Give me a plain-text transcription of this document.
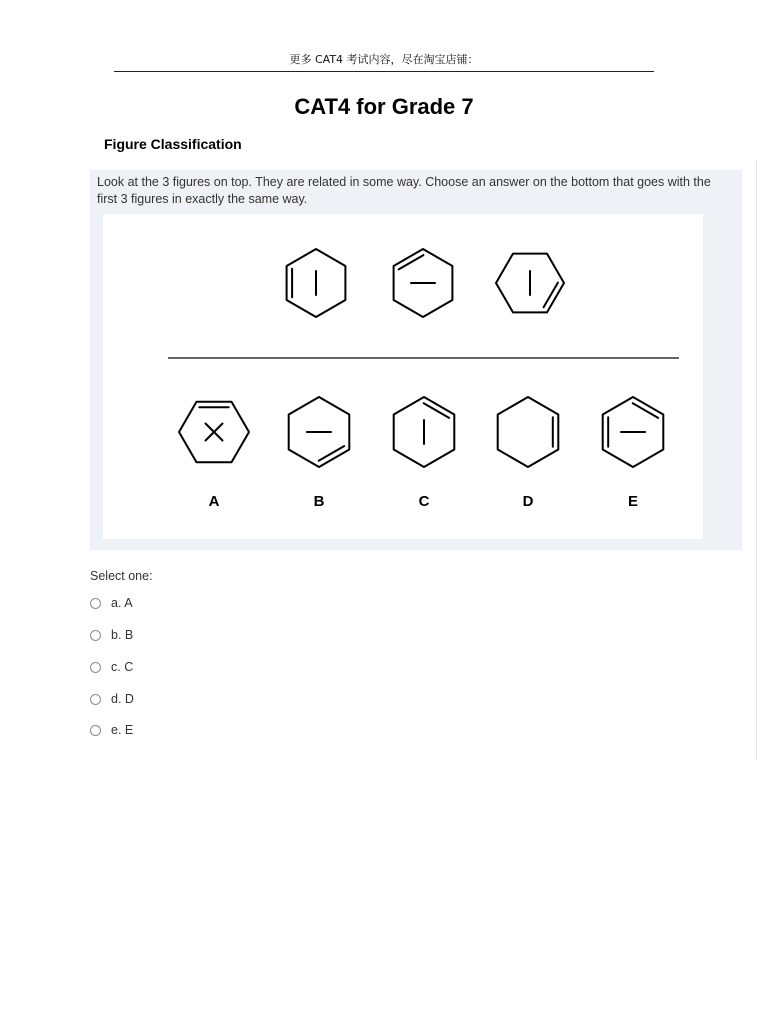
更多 CAT4 考试内容，尽在淘宝店铺：
CAT4 for Grade 7
Figure Classification
Look at the 3 figures on top. They are related in some way. Choose an answer on the bottom that goes with the first 3 figures in exactly the same way.
A	B	C	D	E
Select one:
a. A
b. B
c. C
d. D
e. E
